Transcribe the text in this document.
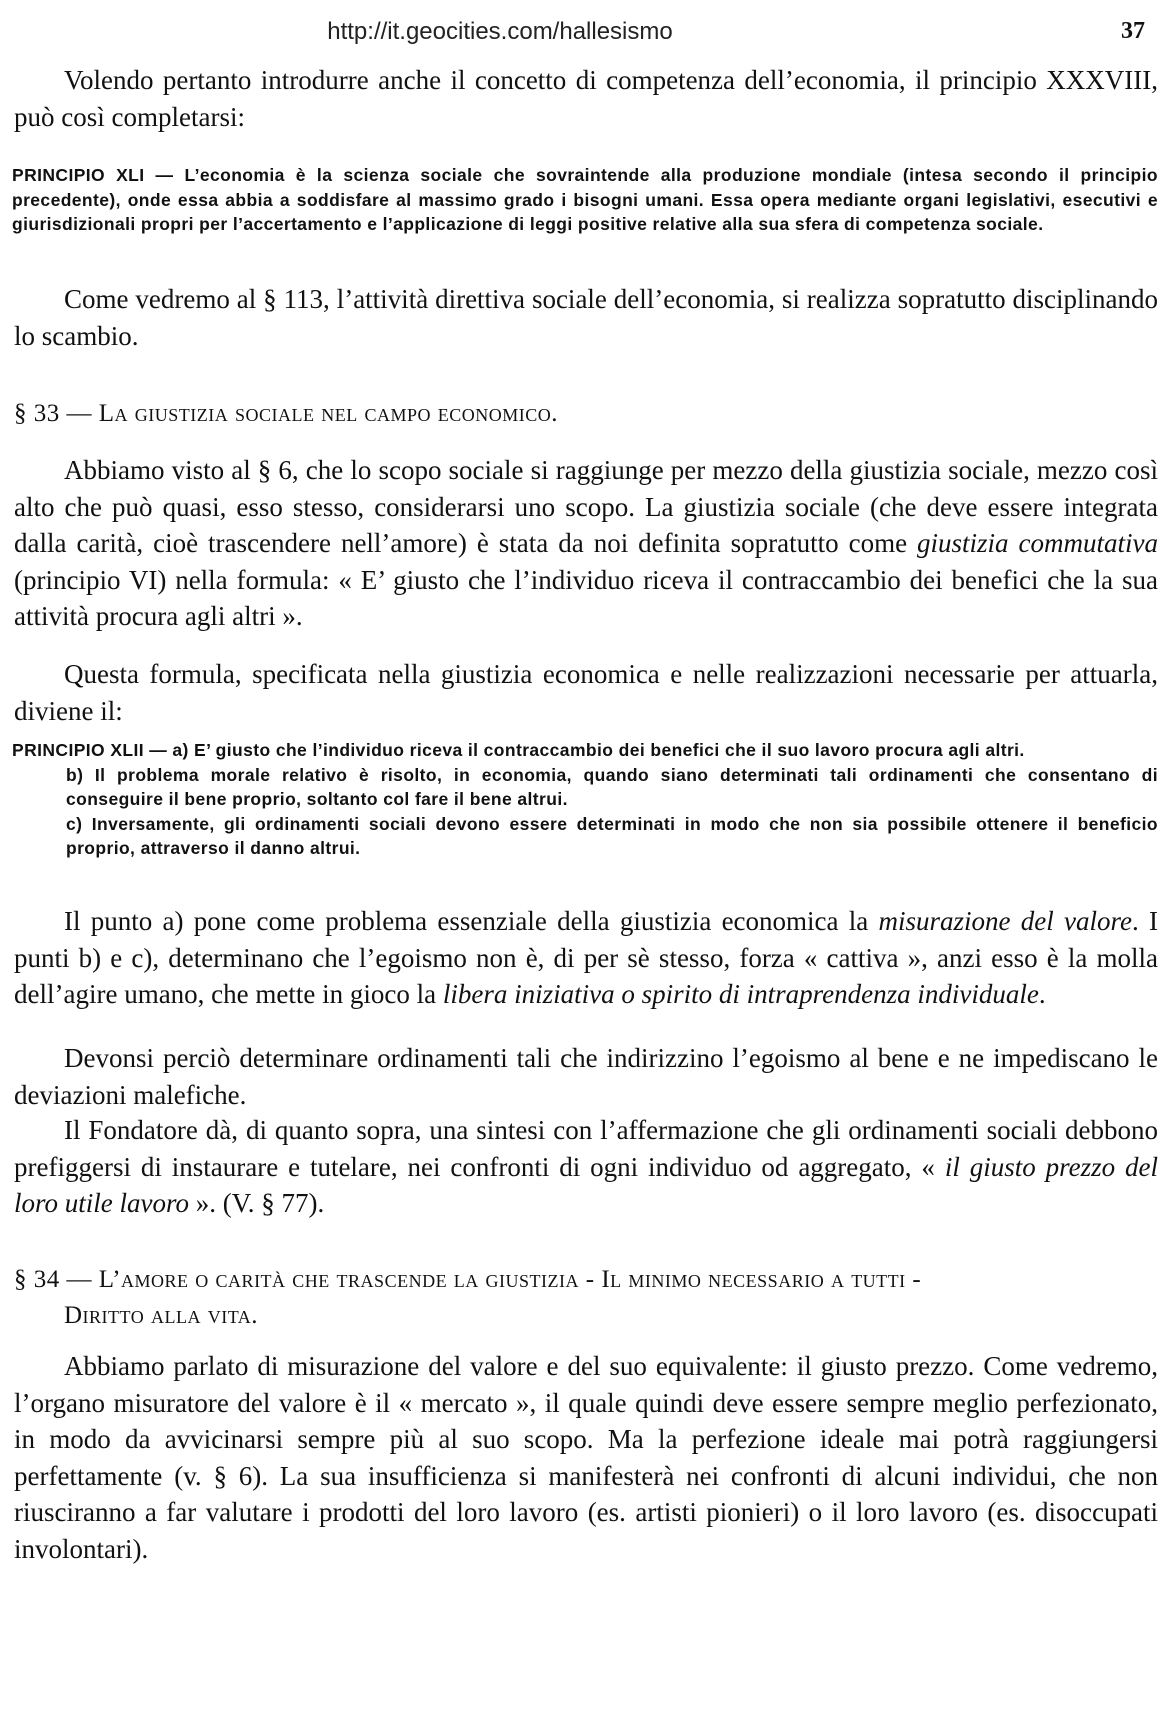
http://it.geocities.com/hallesismo	37

Volendo pertanto introdurre anche il concetto di competenza dell’economia, il principio XXXVIII, può così completarsi:

PRINCIPIO XLI — L’economia è la scienza sociale che sovraintende alla produzione mondiale (intesa secondo il principio precedente), onde essa abbia a soddisfare al massimo grado i bisogni umani. Essa opera mediante organi legislativi, esecutivi e giurisdizionali propri per l’accertamento e l’applicazione di leggi positive relative alla sua sfera di competenza sociale.

Come vedremo al § 113, l’attività direttiva sociale dell’economia, si realizza sopratutto disciplinando lo scambio.

§ 33 — La giustizia sociale nel campo economico.

Abbiamo visto al § 6, che lo scopo sociale si raggiunge per mezzo della giustizia sociale, mezzo così alto che può quasi, esso stesso, considerarsi uno scopo. La giustizia sociale (che deve essere integrata dalla carità, cioè trascendere nell’amore) è stata da noi definita sopratutto come giustizia commutativa (principio VI) nella formula: « E’ giusto che l’individuo riceva il contraccambio dei benefici che la sua attività procura agli altri ».

Questa formula, specificata nella giustizia economica e nelle realizzazioni necessarie per attuarla, diviene il:

PRINCIPIO XLII — a) E’ giusto che l’individuo riceva il contraccambio dei benefici che il suo lavoro procura agli altri.
b) Il problema morale relativo è risolto, in economia, quando siano determinati tali ordinamenti che consentano di conseguire il bene proprio, soltanto col fare il bene altrui.
c) Inversamente, gli ordinamenti sociali devono essere determinati in modo che non sia possibile ottenere il beneficio proprio, attraverso il danno altrui.

Il punto a) pone come problema essenziale della giustizia economica la misurazione del valore. I punti b) e c), determinano che l’egoismo non è, di per sè stesso, forza « cattiva », anzi esso è la molla dell’agire umano, che mette in gioco la libera iniziativa o spirito di intraprendenza individuale.

Devonsi perciò determinare ordinamenti tali che indirizzino l’egoismo al bene e ne impediscano le deviazioni malefiche.

Il Fondatore dà, di quanto sopra, una sintesi con l’affermazione che gli ordinamenti sociali debbono prefiggersi di instaurare e tutelare, nei confronti di ogni individuo od aggregato, « il giusto prezzo del loro utile lavoro ». (V. § 77).

§ 34 — L’amore o carità che trascende la giustizia - Il minimo necessario a tutti -
Diritto alla vita.

Abbiamo parlato di misurazione del valore e del suo equivalente: il giusto prezzo. Come vedremo, l’organo misuratore del valore è il « mercato », il quale quindi deve essere sempre meglio perfezionato, in modo da avvicinarsi sempre più al suo scopo. Ma la perfezione ideale mai potrà raggiungersi perfettamente (v. § 6). La sua insufficienza si manifesterà nei confronti di alcuni individui, che non riusciranno a far valutare i prodotti del loro lavoro (es. artisti pionieri) o il loro lavoro (es. disoccupati involontari).
